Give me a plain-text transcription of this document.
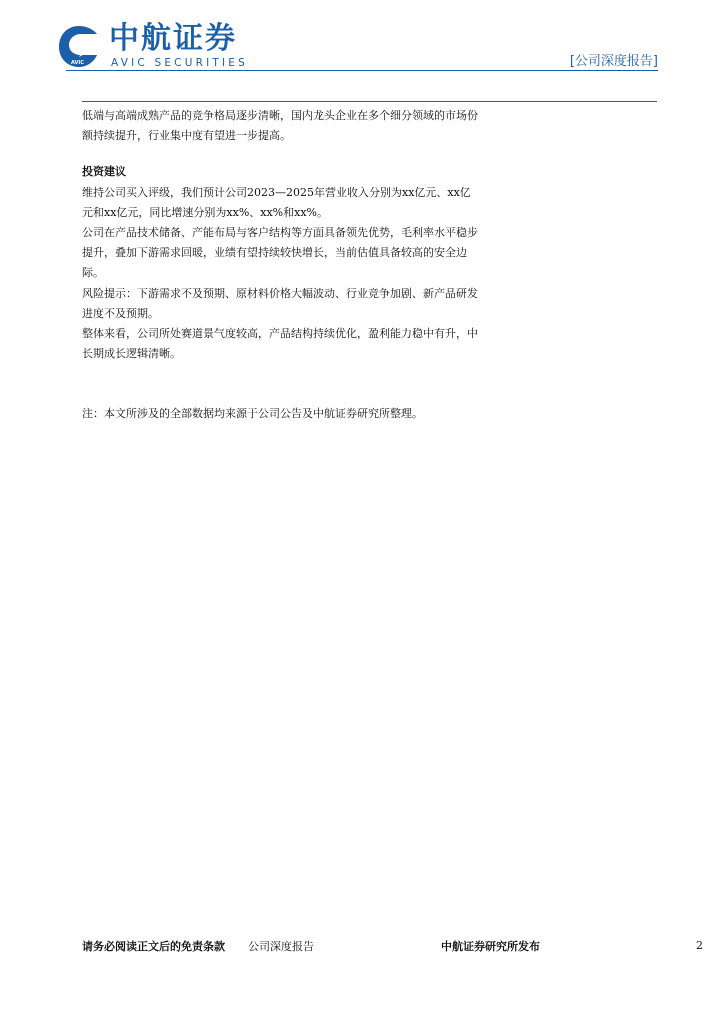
AVIC
中航证券
AVIC SECURITIES	[公司深度报告]

低端与高端成熟产品的竞争格局逐步清晰，国内龙头企业在多个细分领域的市场份额持续提升，行业集中度有望进一步提高。

投资建议

维持公司买入评级，我们预计公司2023—2025年营业收入分别为xx亿元、xx亿元和xx亿元，同比增速分别为xx%、xx%和xx%。

公司在产品技术储备、产能布局与客户结构等方面具备领先优势，毛利率水平稳步提升，叠加下游需求回暖，业绩有望持续较快增长，当前估值具备较高的安全边际。

风险提示：下游需求不及预期、原材料价格大幅波动、行业竞争加剧、新产品研发进度不及预期。

整体来看，公司所处赛道景气度较高，产品结构持续优化，盈利能力稳中有升，中长期成长逻辑清晰。

注：本文所涉及的全部数据均来源于公司公告及中航证券研究所整理。

请务必阅读正文后的免责条款 公司深度报告	中航证券研究所发布	2
